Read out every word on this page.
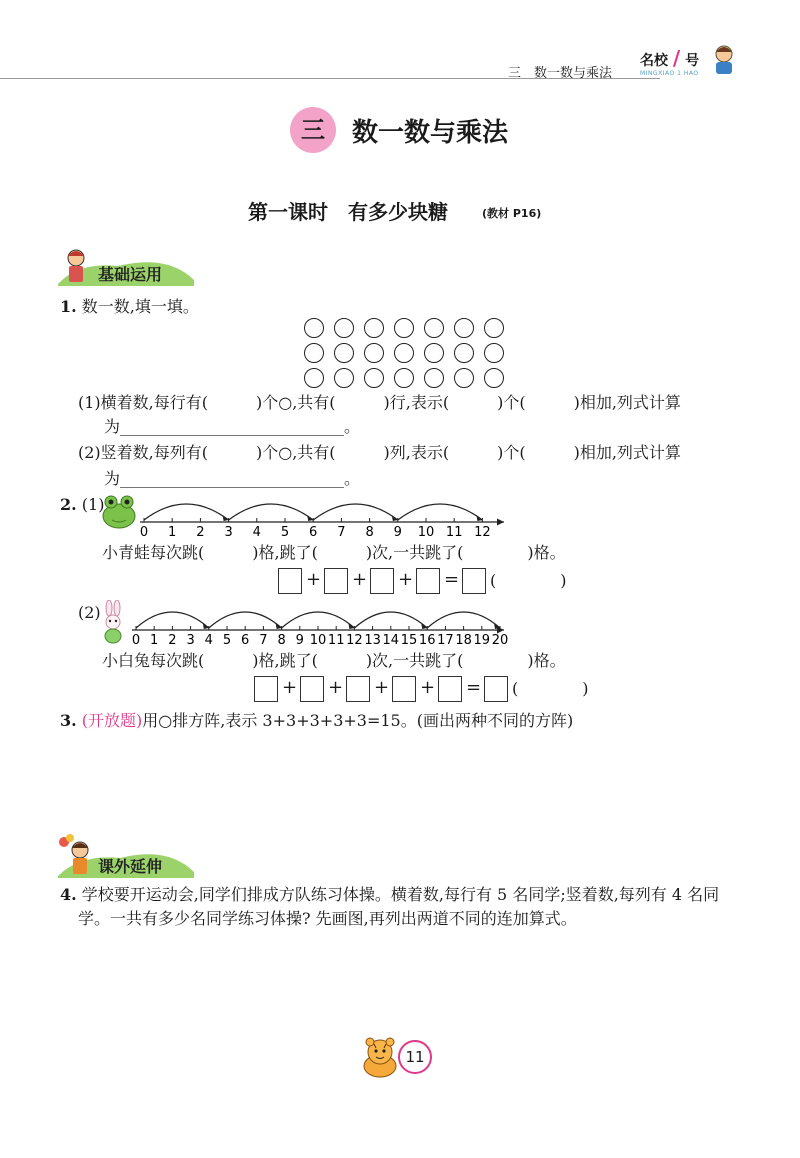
三　数一数与乘法
名校 / 号
MINGXIAO 1 HAO
三	数一数与乘法
第一课时　有多少块糖	(教材 P16)
基础运用
1. 数一数,填一填。
(1)横着数,每行有(　　　)个○,共有(　　　)行,表示(　　　)个(　　　)相加,列式计算
为____________________________。
(2)竖着数,每列有(　　　)个○,共有(　　　)列,表示(　　　)个(　　　)相加,列式计算
为____________________________。
2. (1)
0 1 2 3 4 5 6 7 8 9 10 11 12
小青蛙每次跳(　　　)格,跳了(　　　)次,一共跳了(　　　　)格。
+ + + = (　　　　)
(2)
0 1 2 3 4 5 6 7 8 9 10 11 12 13 14 15 16 17 18 19 20
小白兔每次跳(　　　)格,跳了(　　　)次,一共跳了(　　　　)格。
+ + + + = (　　　　)
3. (开放题)用○排方阵,表示 3+3+3+3+3=15。(画出两种不同的方阵)
课外延伸
4. 学校要开运动会,同学们排成方队练习体操。横着数,每行有 5 名同学;竖着数,每列有 4 名同
学。一共有多少名同学练习体操? 先画图,再列出两道不同的连加算式。
11
